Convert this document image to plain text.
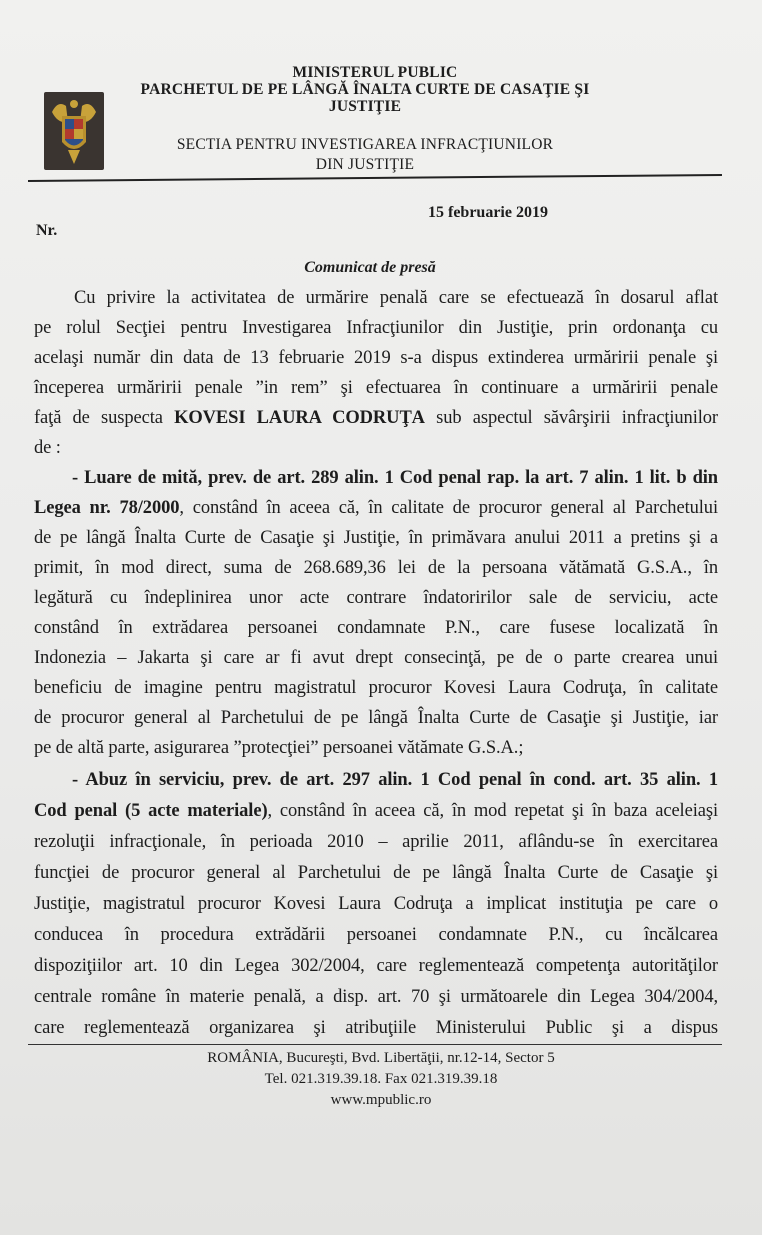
MINISTERUL PUBLIC
PARCHETUL DE PE LÂNGĂ ÎNALTA CURTE DE CASAŢIE ŞI
JUSTIŢIE
SECTIA PENTRU INVESTIGAREA INFRACŢIUNILOR
DIN JUSTIŢIE
15 februarie 2019
Nr.
Comunicat de presă
Cu privire la activitatea de urmărire penală care se efectuează în dosarul aflat
pe rolul Secţiei pentru Investigarea Infracţiunilor din Justiţie, prin ordonanţa cu
acelaşi număr din data de 13 februarie 2019 s-a dispus extinderea urmăririi penale şi
începerea urmăririi penale ”in rem” şi efectuarea în continuare a urmăririi penale
faţă de suspecta KOVESI LAURA CODRUŢA sub aspectul săvârşirii infracţiunilor
de :
- Luare de mită, prev. de art. 289 alin. 1 Cod penal rap. la art. 7 alin. 1 lit. b din
Legea nr. 78/2000, constând în aceea că, în calitate de procuror general al Parchetului
de pe lângă Înalta Curte de Casaţie şi Justiţie, în primăvara anului 2011 a pretins şi a
primit, în mod direct, suma de 268.689,36 lei de la persoana vătămată G.S.A., în
legătură cu îndeplinirea unor acte contrare îndatoririlor sale de serviciu, acte
constând în extrădarea persoanei condamnate P.N., care fusese localizată în
Indonezia – Jakarta şi care ar fi avut drept consecinţă, pe de o parte crearea unui
beneficiu de imagine pentru magistratul procuror Kovesi Laura Codruţa, în calitate
de procuror general al Parchetului de pe lângă Înalta Curte de Casaţie şi Justiţie, iar
pe de altă parte, asigurarea ”protecţiei” persoanei vătămate G.S.A.;
- Abuz în serviciu, prev. de art. 297 alin. 1 Cod penal în cond. art. 35 alin. 1
Cod penal (5 acte materiale), constând în aceea că, în mod repetat şi în baza aceleiaşi
rezoluţii infracţionale, în perioada 2010 – aprilie 2011, aflându-se în exercitarea
funcţiei de procuror general al Parchetului de pe lângă Înalta Curte de Casaţie şi
Justiţie, magistratul procuror Kovesi Laura Codruţa a implicat instituţia pe care o
conducea în procedura extrădării persoanei condamnate P.N., cu încălcarea
dispoziţiilor art. 10 din Legea 302/2004, care reglementează competenţa autorităţilor
centrale române în materie penală, a disp. art. 70 şi următoarele din Legea 304/2004,
care reglementează organizarea şi atribuţiile Ministerului Public şi a dispus
ROMÂNIA, Bucureşti, Bvd. Libertăţii, nr.12-14, Sector 5
Tel. 021.319.39.18. Fax 021.319.39.18
www.mpublic.ro
